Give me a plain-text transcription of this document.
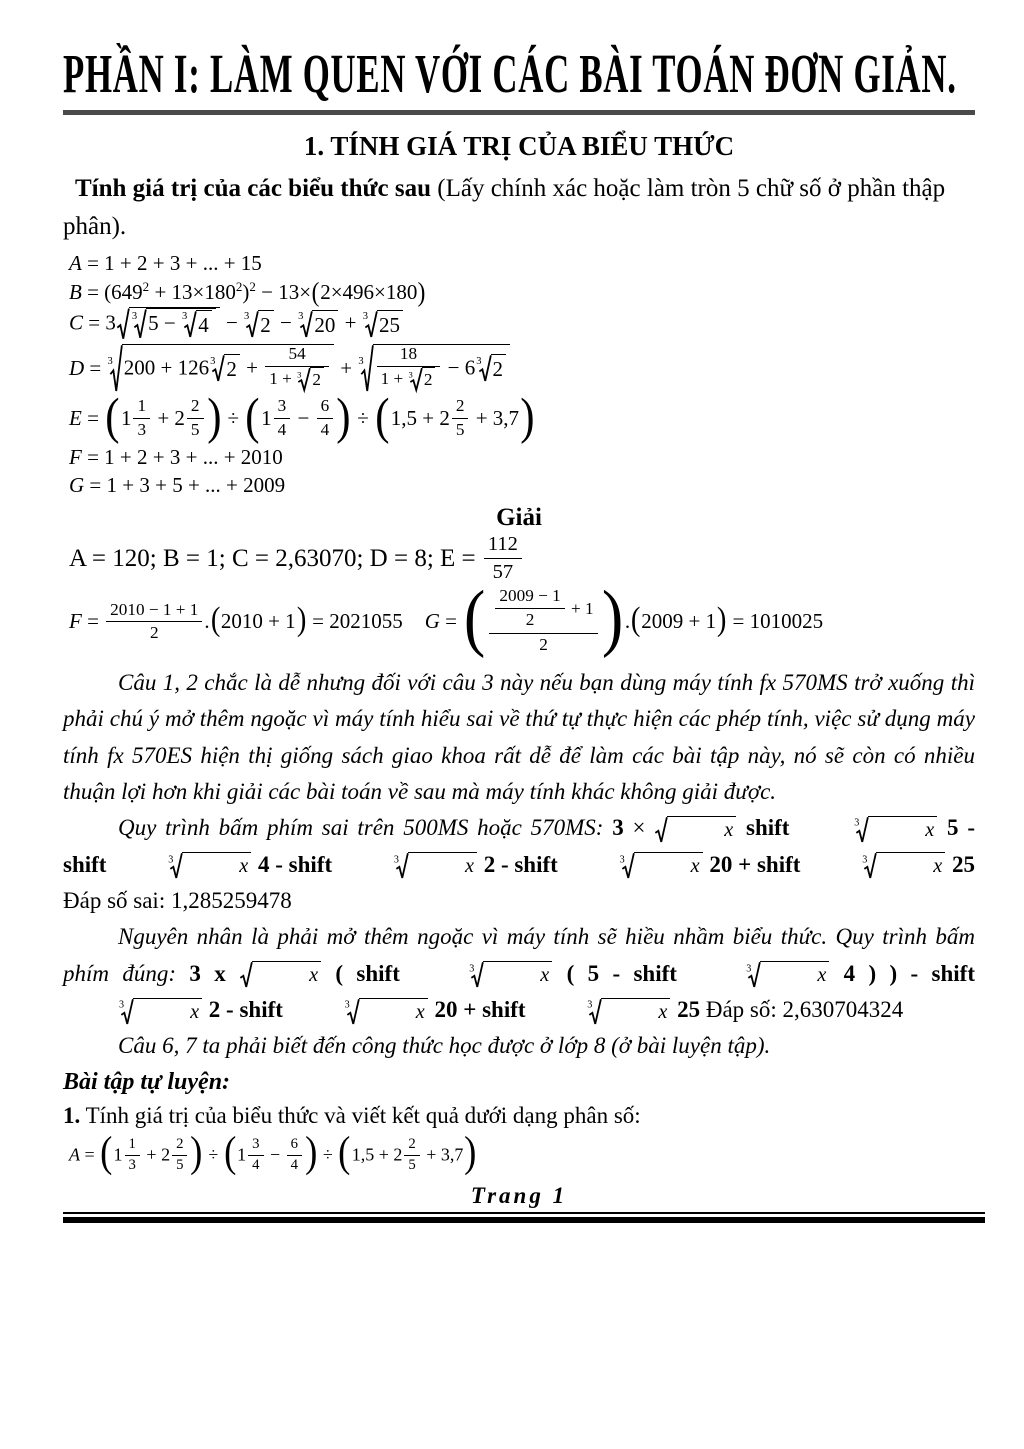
PHẦN I: LÀM QUEN VỚI CÁC BÀI TOÁN ĐƠN GIẢN.
1. TÍNH GIÁ TRỊ CỦA BIỂU THỨC

Tính giá trị của các biểu thức sau (Lấy chính xác hoặc làm tròn 5 chữ số ở phần thập phân).

A = 1 + 2 + 3 + ... + 15
$B = (649^2 + 13\times 180^2)^2 - 13\times(2\times 496\times 180)$
C = 3 3 5 − 3 4 − 3 2 − 3 20 + 3 25
D = 3 200 + 126 3 $2 + \frac{54}{1 + 3 2} + 3 \frac{18}{1 + 3 2} - 6$ 3 2
$E = (1 \frac{1}{3} + 2 \frac{2}{5}$ ) ÷ ($1 \frac{3}{4} - \frac{6}{4}$ ) ÷ $(1,5 + 2 \frac{2}{5} + 3,7)$
F = 1 + 2 + 3 + ... + 2010
G = 1 + 3 + 5 + ... + 2009
Giải
A = 120; B = 1; C = 2,63070; D = 8; $E = \frac{112}{57}$
$F = \frac{2010 - 1 + 1}{2} .(2010 + 1) = 2021055$ G = ( $\frac{\frac{2009 - 1}{2} + 1}{2} ).(2009 + 1) = 1010025$

Câu 1, 2 chắc là dễ nhưng đối với câu 3 này nếu bạn dùng máy tính fx 570MS trở xuống thì phải chú ý mở thêm ngoặc vì máy tính hiểu sai về thứ tự thực hiện các phép tính, việc sử dụng máy tính fx 570ES hiện thị giống sách giao khoa rất dễ để làm các bài tập này, nó sẽ còn có nhiều thuận lợi hơn khi giải các bài toán về sau mà máy tính khác không giải được.

Quy trình bấm phím sai trên 500MS hoặc 570MS: 3 ×	x shift	3	x 5 - shift	3	x 4 - shift	3	x 2 - shift	3	x 20 + shift	3	x 25 Đáp số sai: 1,285259478

Nguyên nhân là phải mở thêm ngoặc vì máy tính sẽ hiều nhầm biểu thức. Quy trình bấm phím đúng: 3 x	x ( shift	3	x ( 5 - shift	3	x 4 ) ) - shift
3	x 2 - shift	3	x 20 + shift	3	x 25 Đáp số: 2,630704324

Câu 6, 7 ta phải biết đến công thức học được ở lớp 8 (ở bài luyện tập).

Bài tập tự luyện:

1. Tính giá trị của biểu thức và viết kết quả dưới dạng phân số:

$A = (1 \frac{1}{3} + 2 \frac{2}{5}$ ) ÷ ($1 \frac{3}{4} - \frac{6}{4}$ ) ÷ $(1,5 + 2 \frac{2}{5} + 3,7)$
Trang 1
